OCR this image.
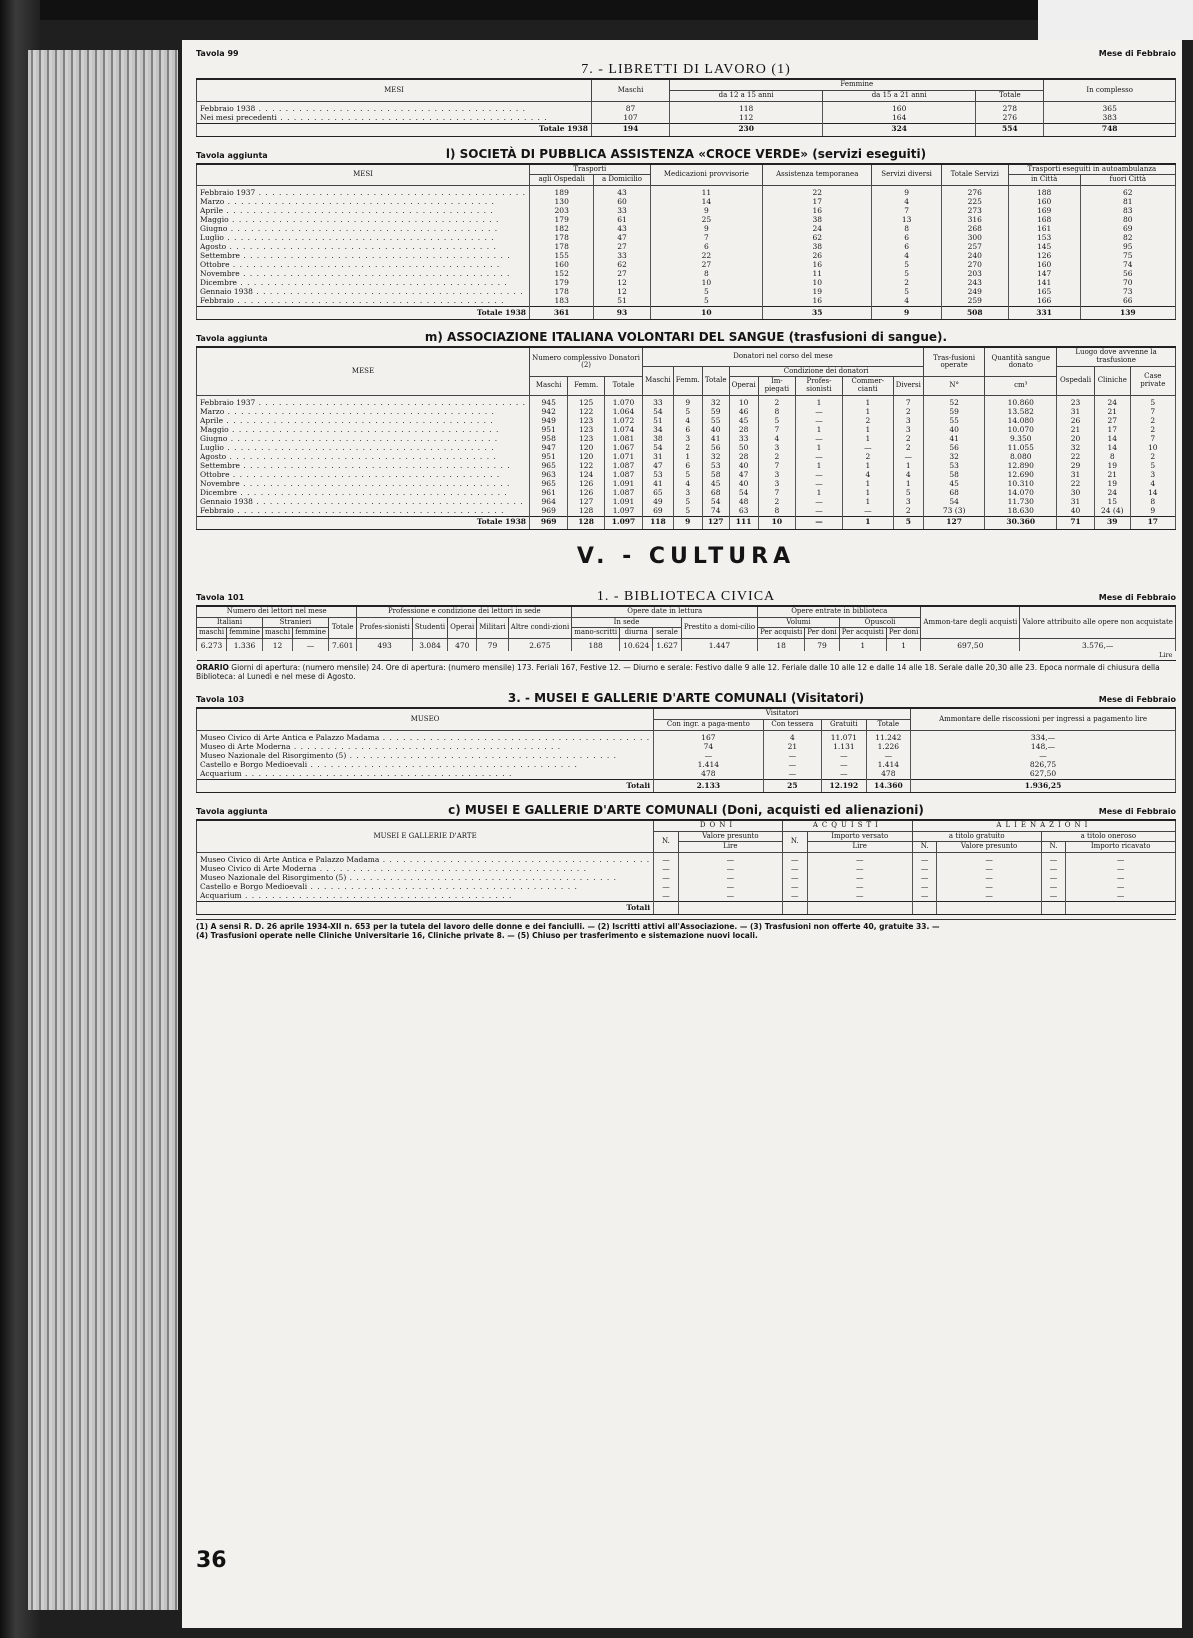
Tavola 99	Mese di Febbraio
7. - LIBRETTI DI LAVORO (1)
MESI	Maschi	Femmine			In complesso
		da 12 a 15 anni	da 15 a 21 anni	Totale	
Febbraio 1938 . . .	87	118	160	278	365
Nei mesi precedenti . . .	107	112	164	276	383
Totale 1938	194	230	324	554	748
Tavola aggiunta	l) SOCIETÀ DI PUBBLICA ASSISTENZA «CROCE VERDE» (servizi eseguiti)
MESI	Trasporti		Medicazioni provvisorie	Assistenza temporanea	Servizi diversi	Totale Servizi	Trasporti eseguiti in autoambulanza	
	agli Ospedali	a Domicilio					in Città	fuori Città
Febbraio 1937 . . .	189	43	11	22	9	276	188	62
Marzo . . .	130	60	14	17	4	225	160	81
Aprile . . .	203	33	9	16	7	273	169	83
Maggio . . .	179	61	25	38	13	316	168	80
Giugno . . .	182	43	9	24	8	268	161	69
Luglio . . .	178	47	7	62	6	300	153	82
Agosto . . .	178	27	6	38	6	257	145	95
Settembre . . .	155	33	22	26	4	240	126	75
Ottobre . . .	160	62	27	16	5	270	160	74
Novembre . . .	152	27	8	11	5	203	147	56
Dicembre . . .	179	12	10	10	2	243	141	70
Gennaio 1938 . . .	178	12	5	19	5	249	165	73
Febbraio . . .	183	51	5	16	4	259	166	66
Totale 1938	361	93	10	35	9	508	331	139
Tavola aggiunta	m) ASSOCIAZIONE ITALIANA VOLONTARI DEL SANGUE (trasfusioni di sangue).
MESE	Numero complessivo Donatori (2)			Donatori nel corso del mese								Tras-fusioni operate	Quantità sangue donato	Luogo dove avvenne la trasfusione		
				Maschi	Femm.	Totale	Condizione dei donatori							Ospedali	Cliniche	Case private
	Maschi	Femm.	Totale				Operai	Im-piegati	Profes-sionisti	Commer-cianti	Diversi	N°	cm³			
Febbraio 1937 . . .	945	125	1.070	33	9	32	10	2	1	1	7	52	10.860	23	24	5
Marzo . . .	942	122	1.064	54	5	59	46	8	—	1	2	59	13.582	31	21	7
Aprile . . .	949	123	1.072	51	4	55	45	5	—	2	3	55	14.080	26	27	2
Maggio . . .	951	123	1.074	34	6	40	28	7	1	1	3	40	10.070	21	17	2
Giugno . . .	958	123	1.081	38	3	41	33	4	—	1	2	41	9.350	20	14	7
Luglio . . .	947	120	1.067	54	2	56	50	3	1	—	2	56	11.055	32	14	10
Agosto . . .	951	120	1.071	31	1	32	28	2	—	2	—	32	8.080	22	8	2
Settembre . . .	965	122	1.087	47	6	53	40	7	1	1	1	53	12.890	29	19	5
Ottobre . . .	963	124	1.087	53	5	58	47	3	—	4	4	58	12.690	31	21	3
Novembre . . .	965	126	1.091	41	4	45	40	3	—	1	1	45	10.310	22	19	4
Dicembre . . .	961	126	1.087	65	3	68	54	7	1	1	5	68	14.070	30	24	14
Gennaio 1938 . . .	964	127	1.091	49	5	54	48	2	—	1	3	54	11.730	31	15	8
Febbraio . . .	969	128	1.097	69	5	74	63	8	—	—	2	73 (3)	18.630	40	24 (4)	9
Totale 1938	969	128	1.097	118	9	127	111	10	—	1	5	127	30.360	71	39	17
V. - CULTURA
Tavola 101	1. - BIBLIOTECA CIVICA	Mese di Febbraio
Numero dei lettori nel mese					Professione e condizione dei lettori in sede					Opere date in lettura				Opere entrate in biblioteca				Ammon-tare degli acquisti	Valore attribuito alle opere non acquistate
Italiani		Stranieri		Totale	Profes-sionisti	Studenti	Operai	Militari	Altre condi-zioni	In sede			Prestito a domi-cilio	Volumi		Opuscoli			
maschi	femmine	maschi	femmine							mano-scritti	diurna	serale		Per acquisti	Per doni	Per acquisti	Per doni		
6.273	1.336	12	—	7.601	493	3.084	470	79	2.675	188	10.624	1.627	1.447	18	79	1	1	697,50	3.576,—
Lire																			
ORARIO Giorni di apertura: (numero mensile) 24. Ore di apertura: (numero mensile) 173. Feriali 167, Festive 12. — Diurno e serale: Festivo dalle 9 alle 12. Feriale dalle 10 alle 12 e dalle 14 alle 18. Serale dalle 20,30 alle 23. Epoca normale di chiusura della Biblioteca: al Lunedì e nel mese di Agosto.
Tavola 103	3. - MUSEI E GALLERIE D'ARTE COMUNALI (Visitatori)	Mese di Febbraio
MUSEO	Visitatori				Ammontare delle riscossioni per ingressi a pagamento lire
	Con ingr. a paga-mento	Con tessera	Gratuiti	Totale	
Museo Civico di Arte Antica e Palazzo Madama . . .	167	4	11.071	11.242	334,—
Museo di Arte Moderna . . .	74	21	1.131	1.226	148,—
Museo Nazionale del Risorgimento (5) . . .	—	—	—	—	—
Castello e Borgo Medioevali . . .	1.414	—	—	1.414	826,75
Acquarium . . .	478	—	—	478	627,50
Totali	2.133	25	12.192	14.360	1.936,25
Tavola aggiunta	c) MUSEI E GALLERIE D'ARTE COMUNALI (Doni, acquisti ed alienazioni)	Mese di Febbraio
MUSEI E GALLERIE D'ARTE	DONI		ACQUISTI		ALIENAZIONI			
	N.	Valore presunto	N.	Importo versato	a titolo gratuito		a titolo oneroso	
		Lire		Lire	N.	Valore presunto	N.	Importo ricavato
Museo Civico di Arte Antica e Palazzo Madama . . .	—	—	—	—	—	—	—	—
Museo Civico di Arte Moderna . . .	—	—	—	—	—	—	—	—
Museo Nazionale del Risorgimento (5) . . .	—	—	—	—	—	—	—	—
Castello e Borgo Medioevali . . .	—	—	—	—	—	—	—	—
Acquarium . . .	—	—	—	—	—	—	—	—
Totali								
(1) A sensi R. D. 26 aprile 1934-XII n. 653 per la tutela del lavoro delle donne e dei fanciulli. — (2) Iscritti attivi all'Associazione. — (3) Trasfusioni non offerte 40, gratuite 33. —
(4) Trasfusioni operate nelle Cliniche Universitarie 16, Cliniche private 8. — (5) Chiuso per trasferimento e sistemazione nuovi locali.
36
